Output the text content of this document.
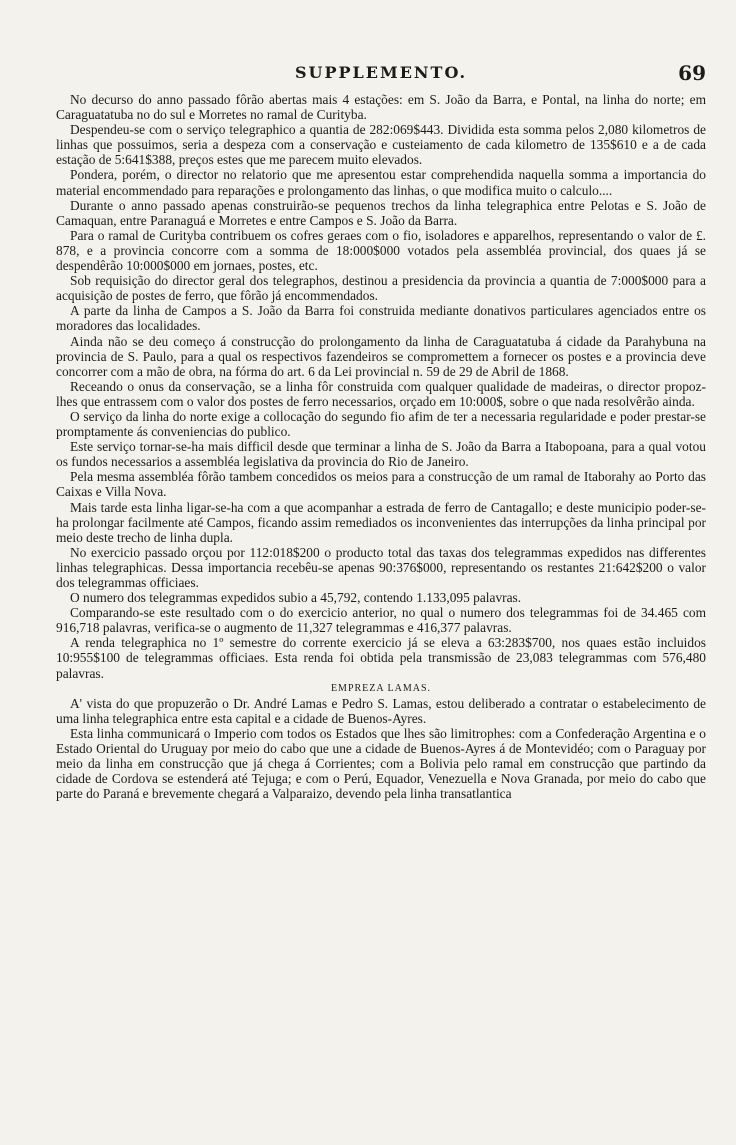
SUPPLEMENTO.	69

No decurso do anno passado fôrão abertas mais 4 estações: em S. João da Barra, e Pontal, na linha do norte; em Caraguatatuba no do sul e Morretes no ramal de Curityba.

Despendeu-se com o serviço telegraphico a quantia de 282:069$443. Dividida esta somma pelos 2,080 kilometros de linhas que possuimos, seria a despeza com a conservação e custeiamento de cada kilometro de 135$610 e a de cada estação de 5:641$388, preços estes que me parecem muito elevados.

Pondera, porém, o director no relatorio que me apresentou estar comprehendida naquella somma a importancia do material encommendado para reparações e prolongamento das linhas, o que modifica muito o calculo....

Durante o anno passado apenas construirão-se pequenos trechos da linha telegraphica entre Pelotas e S. João de Camaquan, entre Paranaguá e Morretes e entre Campos e S. João da Barra.

Para o ramal de Curityba contribuem os cofres geraes com o fio, isoladores e apparelhos, representando o valor de £. 878, e a provincia concorre com a somma de 18:000$000 votados pela assembléa provincial, dos quaes já se despendêrão 10:000$000 em jornaes, postes, etc.

Sob requisição do director geral dos telegraphos, destinou a presidencia da provincia a quantia de 7:000$000 para a acquisição de postes de ferro, que fôrão já encommendados.

A parte da linha de Campos a S. João da Barra foi construida mediante donativos particulares agenciados entre os moradores das localidades.

Ainda não se deu começo á construcção do prolongamento da linha de Caraguatatuba á cidade da Parahybuna na provincia de S. Paulo, para a qual os respectivos fazendeiros se compromettem a fornecer os postes e a provincia deve concorrer com a mão de obra, na fórma do art. 6 da Lei provincial n. 59 de 29 de Abril de 1868.

Receando o onus da conservação, se a linha fôr construida com qualquer qualidade de madeiras, o director propoz-lhes que entrassem com o valor dos postes de ferro necessarios, orçado em 10:000$, sobre o que nada resolvêrão ainda.

O serviço da linha do norte exige a collocação do segundo fio afim de ter a necessaria regularidade e poder prestar-se promptamente ás conveniencias do publico.

Este serviço tornar-se-ha mais difficil desde que terminar a linha de S. João da Barra a Itabopoana, para a qual votou os fundos necessarios a assembléa legislativa da provincia do Rio de Janeiro.

Pela mesma assembléa fôrão tambem concedidos os meios para a construcção de um ramal de Itaborahy ao Porto das Caixas e Villa Nova.

Mais tarde esta linha ligar-se-ha com a que acompanhar a estrada de ferro de Cantagallo; e deste municipio poder-se-ha prolongar facilmente até Campos, ficando assim remediados os inconvenientes das interrupções da linha principal por meio deste trecho de linha dupla.

No exercicio passado orçou por 112:018$200 o producto total das taxas dos telegrammas expedidos nas differentes linhas telegraphicas. Dessa importancia recebêu-se apenas 90:376$000, representando os restantes 21:642$200 o valor dos telegrammas officiaes.

O numero dos telegrammas expedidos subio a 45,792, contendo 1.133,095 palavras.

Comparando-se este resultado com o do exercicio anterior, no qual o numero dos telegrammas foi de 34.465 com 916,718 palavras, verifica-se o augmento de 11,327 telegrammas e 416,377 palavras.

A renda telegraphica no 1º semestre do corrente exercicio já se eleva a 63:283$700, nos quaes estão incluidos 10:955$100 de telegrammas officiaes. Esta renda foi obtida pela transmissão de 23,083 telegrammas com 576,480 palavras.

EMPREZA LAMAS.

A' vista do que propuzerão o Dr. André Lamas e Pedro S. Lamas, estou deliberado a contratar o estabelecimento de uma linha telegraphica entre esta capital e a cidade de Buenos-Ayres.

Esta linha communicará o Imperio com todos os Estados que lhes são limitrophes: com a Confederação Argentina e o Estado Oriental do Uruguay por meio do cabo que une a cidade de Buenos-Ayres á de Montevidéo; com o Paraguay por meio da linha em construcção que já chega á Corrientes; com a Bolivia pelo ramal em construcção que partindo da cidade de Cordova se estenderá até Tejuga; e com o Perú, Equador, Venezuella e Nova Granada, por meio do cabo que parte do Paraná e brevemente chegará a Valparaizo, devendo pela linha transatlantica
